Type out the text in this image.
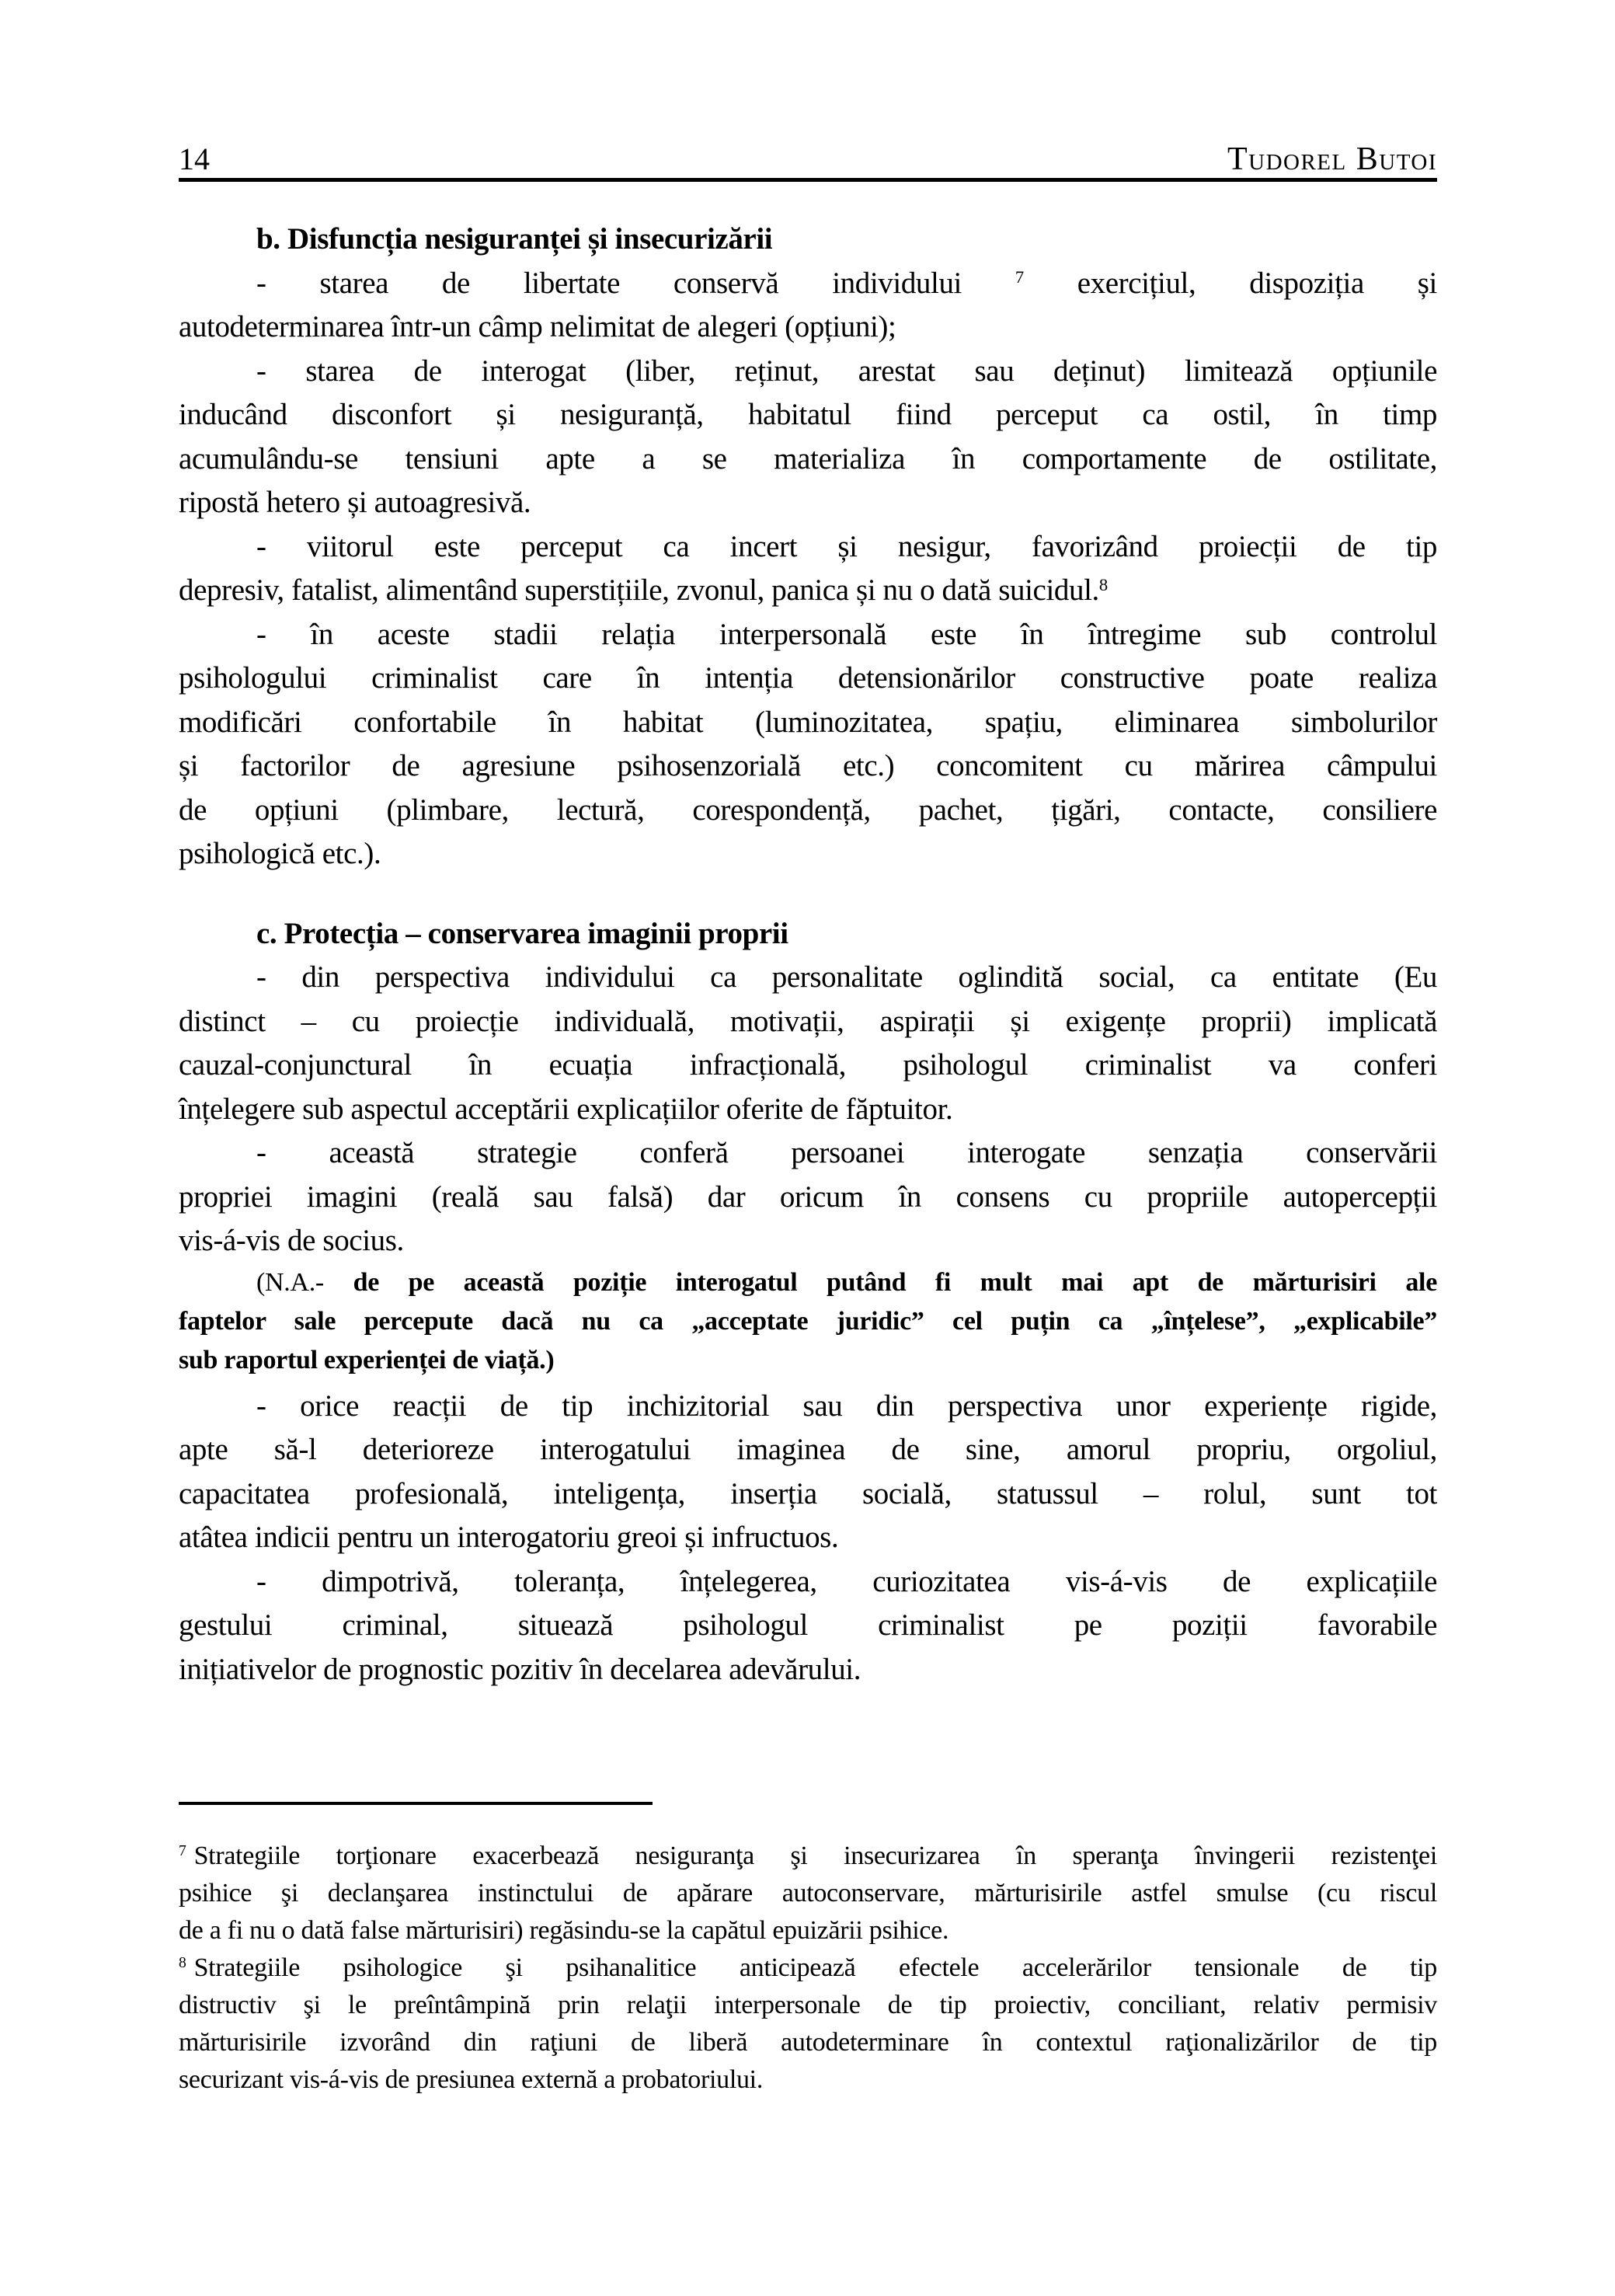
14	Tudorel Butoi
b. Disfuncția nesiguranței și insecurizării
- starea de libertate conservă individului $^7$ exercițiul, dispoziția și
autodeterminarea într-un câmp nelimitat de alegeri (opțiuni);
- starea de interogat (liber, reținut, arestat sau deținut) limitează opțiunile
inducând disconfort și nesiguranță, habitatul fiind perceput ca ostil, în timp
acumulându-se tensiuni apte a se materializa în comportamente de ostilitate,
ripostă hetero și autoagresivă.
- viitorul este perceput ca incert și nesigur, favorizând proiecții de tip
depresiv, fatalist, alimentând superstițiile, zvonul, panica și nu o dată suicidul.$^8$
- în aceste stadii relația interpersonală este în întregime sub controlul
psihologului criminalist care în intenția detensionărilor constructive poate realiza
modificări confortabile în habitat (luminozitatea, spațiu, eliminarea simbolurilor
și factorilor de agresiune psihosenzorială etc.) concomitent cu mărirea câmpului
de opțiuni (plimbare, lectură, corespondență, pachet, țigări, contacte, consiliere
psihologică etc.).
c. Protecția – conservarea imaginii proprii
- din perspectiva individului ca personalitate oglindită social, ca entitate (Eu
distinct – cu proiecție individuală, motivații, aspirații și exigențe proprii) implicată
cauzal-conjunctural în ecuația infracțională, psihologul criminalist va conferi
înțelegere sub aspectul acceptării explicațiilor oferite de făptuitor.
- această strategie conferă persoanei interogate senzația conservării
propriei imagini (reală sau falsă) dar oricum în consens cu propriile autopercepții
vis-á-vis de socius.
(N.A.- de pe această poziție interogatul putând fi mult mai apt de mărturisiri ale
faptelor sale percepute dacă nu ca „acceptate juridic” cel puțin ca „înțelese”, „explicabile”
sub raportul experienței de viață.)
- orice reacții de tip inchizitorial sau din perspectiva unor experiențe rigide,
apte să-l deterioreze interogatului imaginea de sine, amorul propriu, orgoliul,
capacitatea profesională, inteligența, inserția socială, statussul – rolul, sunt tot
atâtea indicii pentru un interogatoriu greoi și infructuos.
- dimpotrivă, toleranța, înțelegerea, curiozitatea vis-á-vis de explicațiile
gestului criminal, situează psihologul criminalist pe poziții favorabile
inițiativelor de prognostic pozitiv în decelarea adevărului.
$^7$ Strategiile torţionare exacerbează nesiguranţa şi insecurizarea în speranţa învingerii rezistenţei
psihice şi declanşarea instinctului de apărare autoconservare, mărturisirile astfel smulse (cu riscul
de a fi nu o dată false mărturisiri) regăsindu-se la capătul epuizării psihice.
$^8$ Strategiile psihologice şi psihanalitice anticipează efectele accelerărilor tensionale de tip
distructiv şi le preîntâmpină prin relaţii interpersonale de tip proiectiv, conciliant, relativ permisiv
mărturisirile izvorând din raţiuni de liberă autodeterminare în contextul raţionalizărilor de tip
securizant vis-á-vis de presiunea externă a probatoriului.
